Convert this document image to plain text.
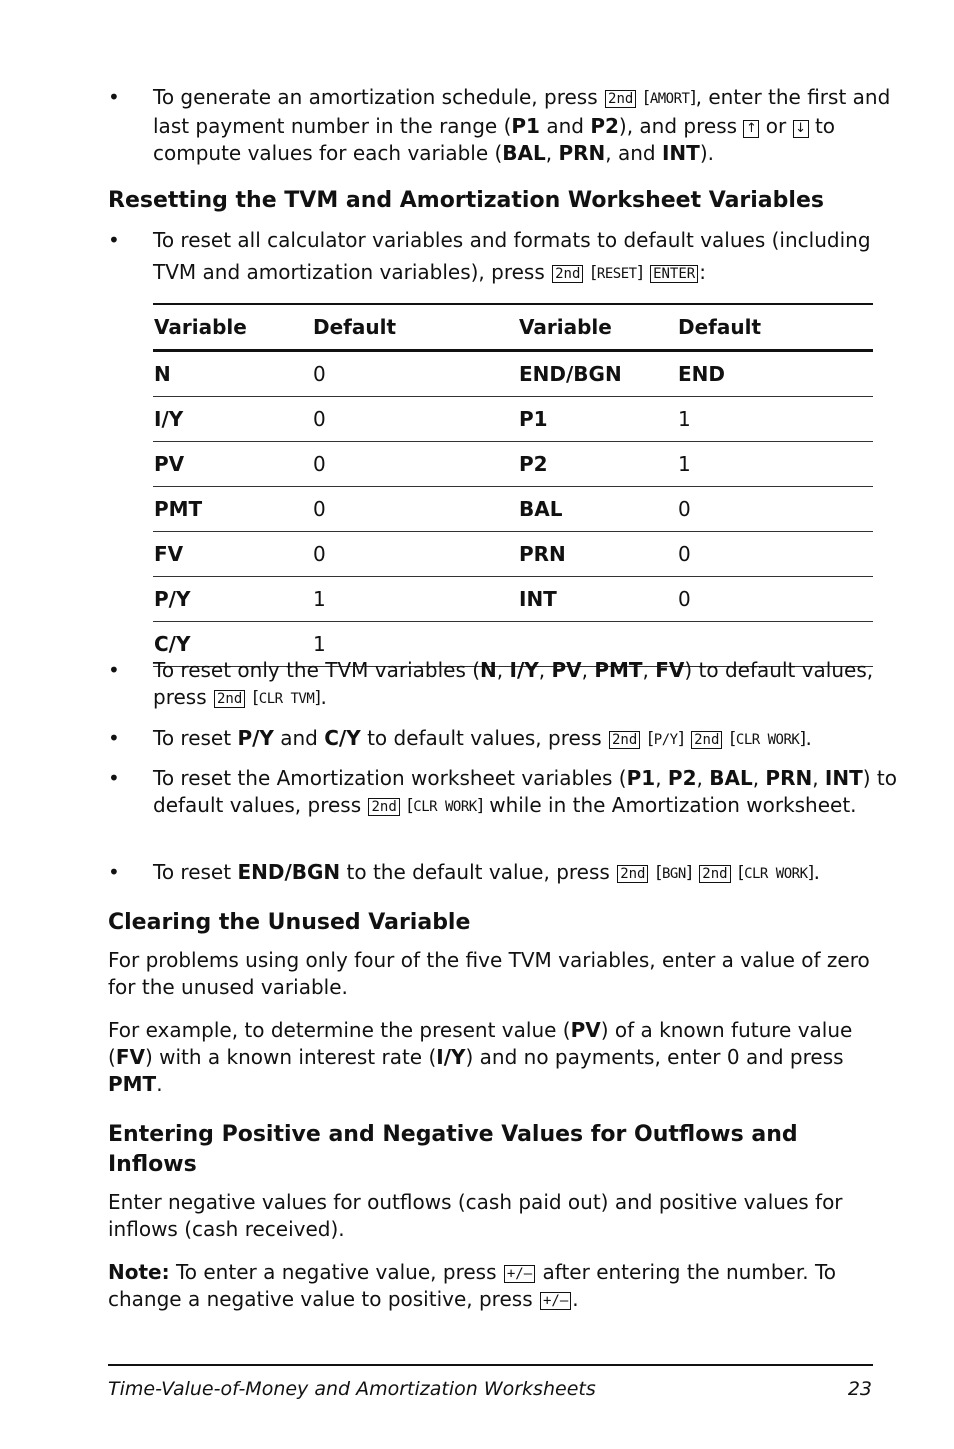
• To generate an amortization schedule, press 2nd [ AMORT ] , enter the first and last payment number in the range (P1 and P2), and press ↑ or ↓ to compute values for each variable (BAL, PRN, and INT).
Resetting the TVM and Amortization Worksheet Variables
• To reset all calculator variables and formats to default values (including TVM and amortization variables), press 2nd [ RESET ] ENTER :
Variable	Default	Variable	Default
N	0	END/BGN	END
I/Y	0	P1	1
PV	0	P2	1
PMT	0	BAL	0
FV	0	PRN	0
P/Y	1	INT	0
C/Y	1		
• To reset only the TVM variables (N, I/Y, PV, PMT, FV) to default values, press 2nd [ CLR TVM ] .
• To reset P/Y and C/Y to default values, press 2nd [ P/Y ] 2nd [ CLR WORK ] .
• To reset the Amortization worksheet variables (P1, P2, BAL, PRN, INT) to default values, press 2nd [ CLR WORK ] while in the Amortization worksheet.
• To reset END/BGN to the default value, press 2nd [ BGN ] 2nd [ CLR WORK ] .
Clearing the Unused Variable
For problems using only four of the five TVM variables, enter a value of zero for the unused variable.
For example, to determine the present value (PV) of a known future value (FV) with a known interest rate (I/Y) and no payments, enter 0 and press PMT.
Entering Positive and Negative Values for Outflows and Inflows
Enter negative values for outflows (cash paid out) and positive values for inflows (cash received).
Note: To enter a negative value, press +/– after entering the number. To change a negative value to positive, press +/– .
Time-Value-of-Money and Amortization Worksheets	23
